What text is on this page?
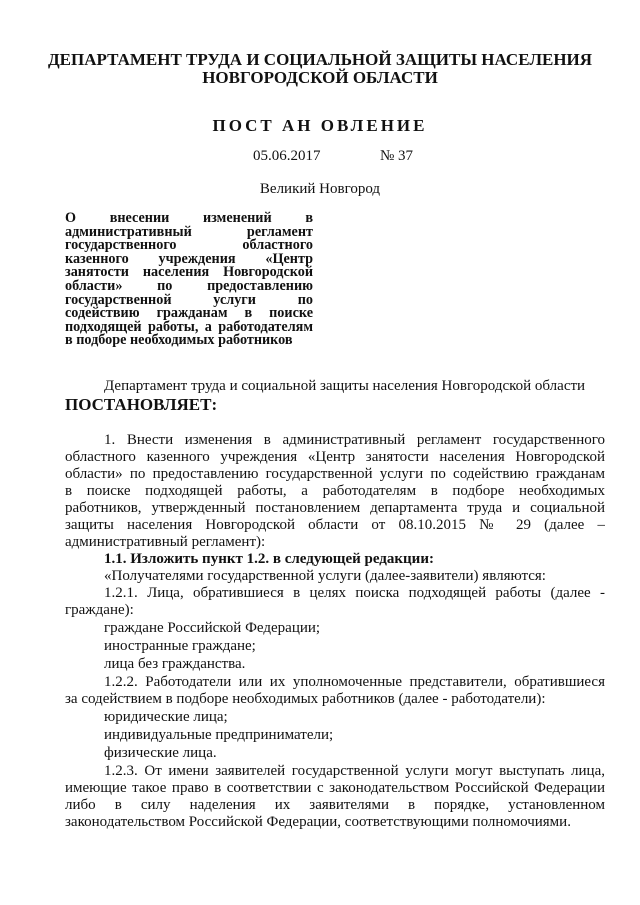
ДЕПАРТАМЕНТ ТРУДА И СОЦИАЛЬНОЙ ЗАЩИТЫ НАСЕЛЕНИЯ
НОВГОРОДСКОЙ ОБЛАСТИ
ПОСТ АН ОВЛЕНИЕ
05.06.2017	№ 37
Великий Новгород
О внесении изменений в административный регламент государственного областного казенного учреждения «Центр занятости населения Новгородской области» по предоставлению государственной услуги по содействию гражданам в поиске подходящей работы, а работодателям в подборе необходимых работников
Департамент труда и социальной защиты населения Новгородской области
ПОСТАНОВЛЯЕТ:
1. Внести изменения в административный регламент государственного
областного казенного учреждения «Центр занятости населения Новгородской
области» по предоставлению государственной услуги по содействию гражданам
в поиске подходящей работы, а работодателям в подборе необходимых
работников, утвержденный постановлением департамента труда и социальной
защиты населения Новгородской области от 08.10.2015 № 29 (далее –
административный регламент):
1.1. Изложить пункт 1.2. в следующей редакции:
«Получателями государственной услуги (далее-заявители) являются:
1.2.1. Лица, обратившиеся в целях поиска подходящей работы (далее -
граждане):
граждане Российской Федерации;
иностранные граждане;
лица без гражданства.
1.2.2. Работодатели или их уполномоченные представители, обратившиеся
за содействием в подборе необходимых работников (далее - работодатели):
юридические лица;
индивидуальные предприниматели;
физические лица.
1.2.3. От имени заявителей государственной услуги могут выступать лица,
имеющие такое право в соответствии с законодательством Российской Федерации
либо в силу наделения их заявителями в порядке, установленном
законодательством Российской Федерации, соответствующими полномочиями.
